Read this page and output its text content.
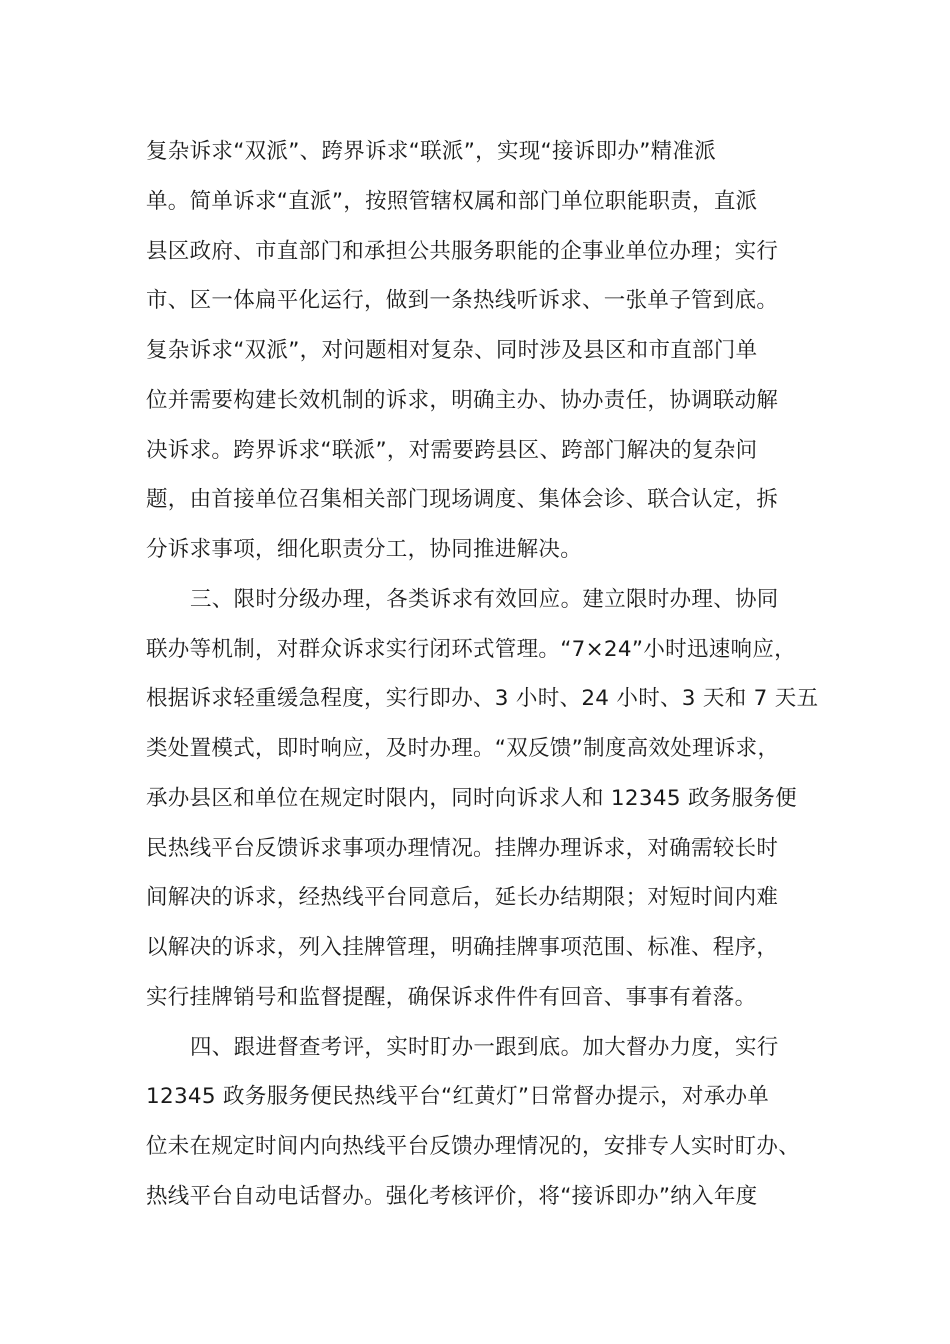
复杂诉求“双派”、跨界诉求“联派”，实现“接诉即办”精准派
单。简单诉求“直派”，按照管辖权属和部门单位职能职责，直派
县区政府、市直部门和承担公共服务职能的企事业单位办理；实行
市、区一体扁平化运行，做到一条热线听诉求、一张单子管到底。
复杂诉求“双派”，对问题相对复杂、同时涉及县区和市直部门单
位并需要构建长效机制的诉求，明确主办、协办责任，协调联动解
决诉求。跨界诉求“联派”，对需要跨县区、跨部门解决的复杂问
题，由首接单位召集相关部门现场调度、集体会诊、联合认定，拆
分诉求事项，细化职责分工，协同推进解决。
三、限时分级办理，各类诉求有效回应。建立限时办理、协同
联办等机制，对群众诉求实行闭环式管理。“7×24”小时迅速响应，
根据诉求轻重缓急程度，实行即办、3 小时、24 小时、3 天和 7 天五
类处置模式，即时响应，及时办理。“双反馈”制度高效处理诉求，
承办县区和单位在规定时限内，同时向诉求人和 12345 政务服务便
民热线平台反馈诉求事项办理情况。挂牌办理诉求，对确需较长时
间解决的诉求，经热线平台同意后，延长办结期限；对短时间内难
以解决的诉求，列入挂牌管理，明确挂牌事项范围、标准、程序，
实行挂牌销号和监督提醒，确保诉求件件有回音、事事有着落。
四、跟进督查考评，实时盯办一跟到底。加大督办力度，实行
12345 政务服务便民热线平台“红黄灯”日常督办提示，对承办单
位未在规定时间内向热线平台反馈办理情况的，安排专人实时盯办、
热线平台自动电话督办。强化考核评价，将“接诉即办”纳入年度
